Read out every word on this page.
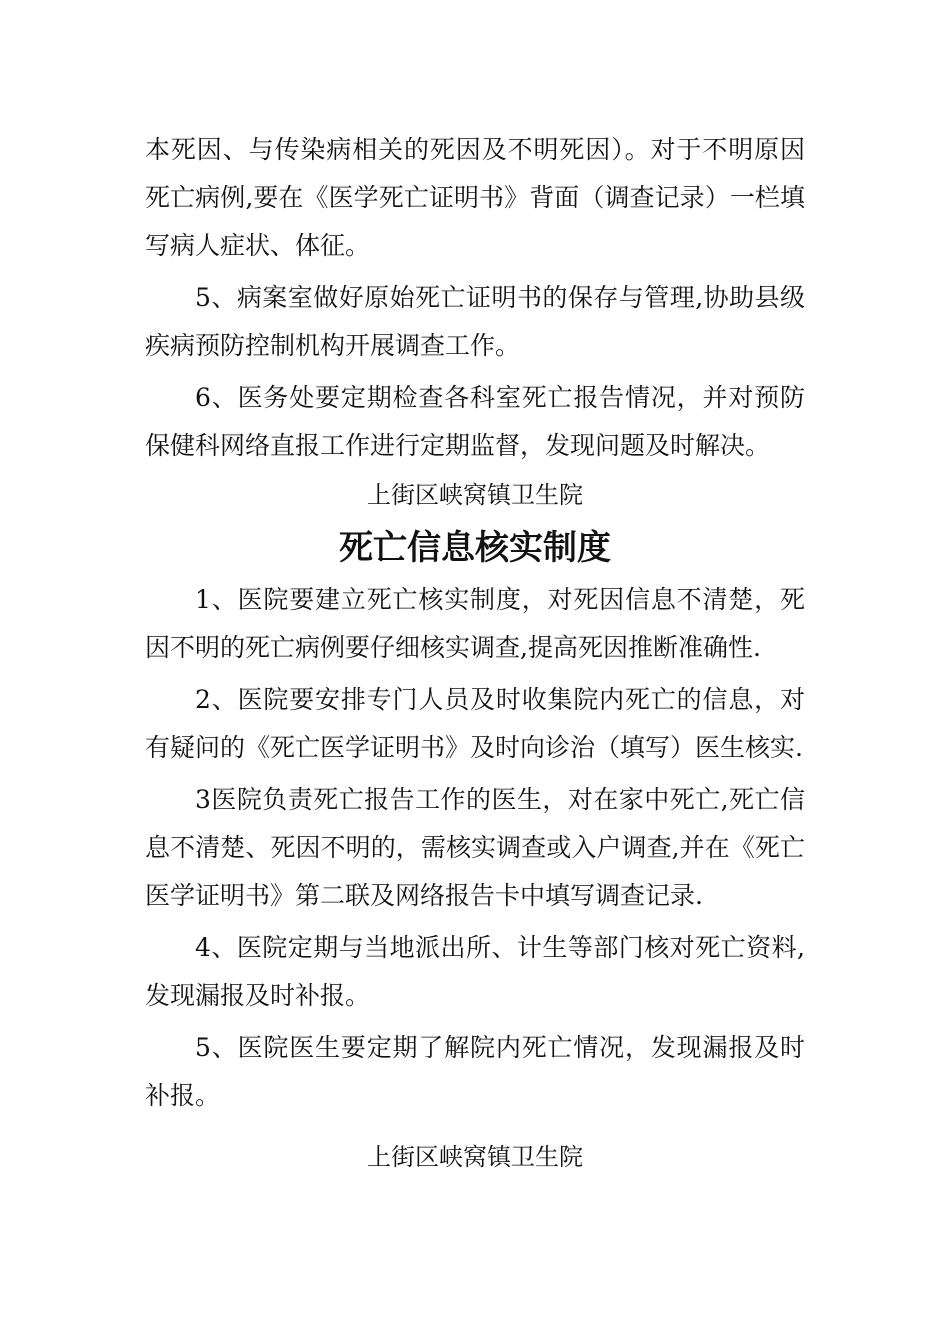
本死因、与传染病相关的死因及不明死因）。对于不明原因死亡病例,要在《医学死亡证明书》背面（调查记录）一栏填写病人症状、体征。

5、病案室做好原始死亡证明书的保存与管理,协助县级疾病预防控制机构开展调查工作。

6、医务处要定期检查各科室死亡报告情况，并对预防保健科网络直报工作进行定期监督，发现问题及时解决。

上街区峡窝镇卫生院

死亡信息核实制度

1、医院要建立死亡核实制度，对死因信息不清楚，死因不明的死亡病例要仔细核实调查,提高死因推断准确性.

2、医院要安排专门人员及时收集院内死亡的信息，对有疑问的《死亡医学证明书》及时向诊治（填写）医生核实.

3医院负责死亡报告工作的医生，对在家中死亡,死亡信息不清楚、死因不明的，需核实调查或入户调查,并在《死亡医学证明书》第二联及网络报告卡中填写调查记录.

4、医院定期与当地派出所、计生等部门核对死亡资料,发现漏报及时补报。

5、医院医生要定期了解院内死亡情况，发现漏报及时补报。

上街区峡窝镇卫生院
